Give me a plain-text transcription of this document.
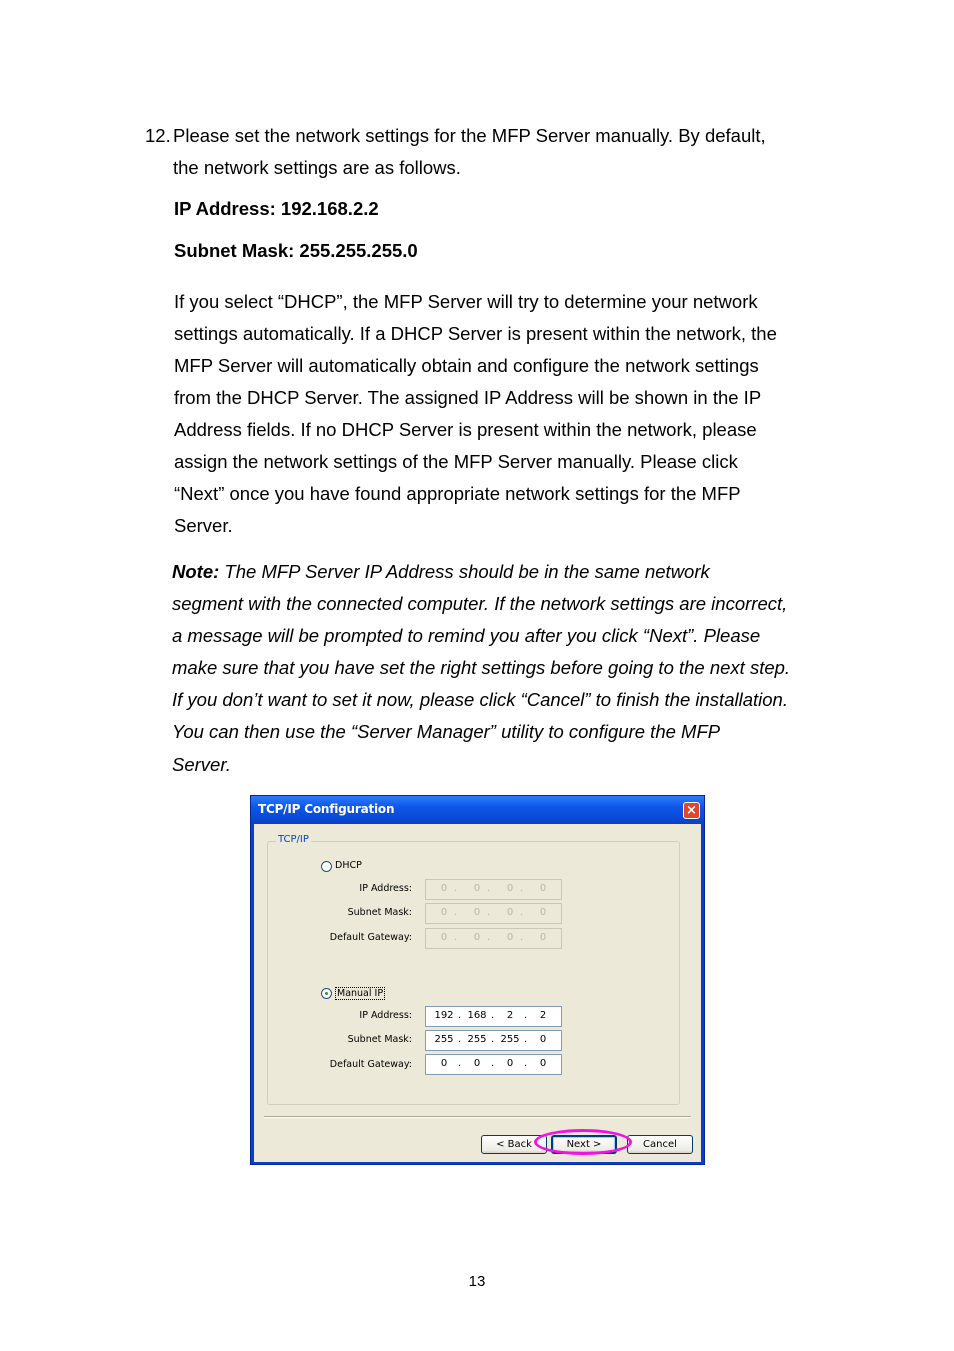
12. Please set the network settings for the MFP Server manually. By default,
the network settings are as follows.
IP Address: 192.168.2.2
Subnet Mask: 255.255.255.0
If you select “DHCP”, the MFP Server will try to determine your network
settings automatically. If a DHCP Server is present within the network, the
MFP Server will automatically obtain and configure the network settings
from the DHCP Server. The assigned IP Address will be shown in the IP
Address fields. If no DHCP Server is present within the network, please
assign the network settings of the MFP Server manually. Please click
“Next” once you have found appropriate network settings for the MFP
Server.
Note: The MFP Server IP Address should be in the same network
segment with the connected computer. If the network settings are incorrect,
a message will be prompted to remind you after you click “Next”. Please
make sure that you have set the right settings before going to the next step.
If you don’t want to set it now, please click “Cancel” to finish the installation.
You can then use the “Server Manager” utility to configure the MFP
Server.
TCP/IP Configuration	×
TCP/IP
DHCP
IP Address:	0 .	0 .	0 .	0
Subnet Mask:	0 .	0 .	0 .	0
Default Gateway:	0 .	0 .	0 .	0
Manual IP
IP Address: 192 . 168 .	2	.	2
Subnet Mask: 255 . 255 . 255 .	0
Default Gateway:	0	.	0	.	0	.	0
< Back	Next >	Cancel
13
